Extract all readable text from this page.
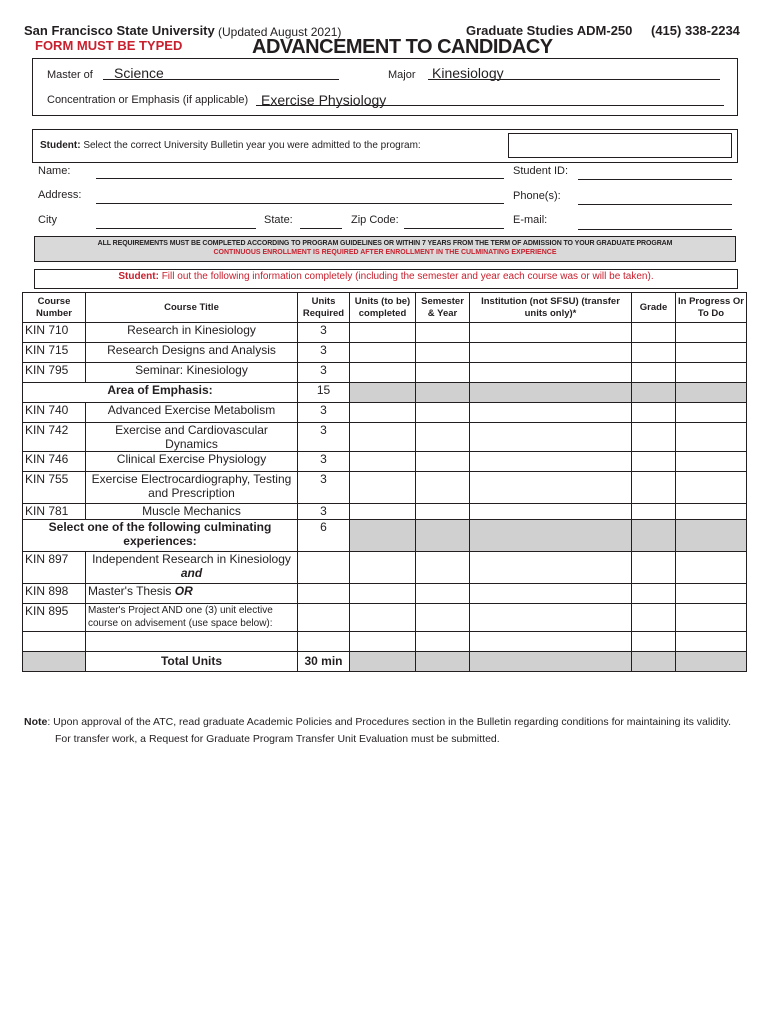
San Francisco State University (Updated August 2021)	Graduate Studies ADM-250 (415) 338-2234
FORM MUST BE TYPED	ADVANCEMENT TO CANDIDACY
Master of Science	Major Kinesiology
Concentration or Emphasis (if applicable) Exercise Physiology
Student: Select the correct University Bulletin year you were admitted to the program:
Name:	Student ID:
Address:	Phone(s):
City	State:	Zip Code:	E-mail:
ALL REQUIREMENTS MUST BE COMPLETED ACCORDING TO PROGRAM GUIDELINES OR WITHIN 7 YEARS FROM THE TERM OF ADMISSION TO YOUR GRADUATE PROGRAM
CONTINUOUS ENROLLMENT IS REQUIRED AFTER ENROLLMENT IN THE CULMINATING EXPERIENCE
Student: Fill out the following information completely (including the semester and year each course was or will be taken).
Course Number	Course Title	Units Required	Units (to be) completed	Semester & Year	Institution (not SFSU) (transfer units only)*	Grade	In Progress Or To Do
KIN 710	Research in Kinesiology	3					
KIN 715	Research Designs and Analysis	3					
KIN 795	Seminar: Kinesiology	3					
Area of Emphasis:		15					
KIN 740	Advanced Exercise Metabolism	3					
KIN 742	Exercise and Cardiovascular Dynamics	3					
KIN 746	Clinical Exercise Physiology	3					
KIN 755	Exercise Electrocardiography, Testing and Prescription	3					
KIN 781	Muscle Mechanics	3					
Select one of the following culminating experiences:		6					
KIN 897	Independent Research in Kinesiology
and						
KIN 898	Master's Thesis OR						
KIN 895	Master's Project AND one (3) unit elective course on advisement (use space below):						

	Total Units	30 min					
Note: Upon approval of the ATC, read graduate Academic Policies and Procedures section in the Bulletin regarding conditions for maintaining its validity.
For transfer work, a Request for Graduate Program Transfer Unit Evaluation must be submitted.
